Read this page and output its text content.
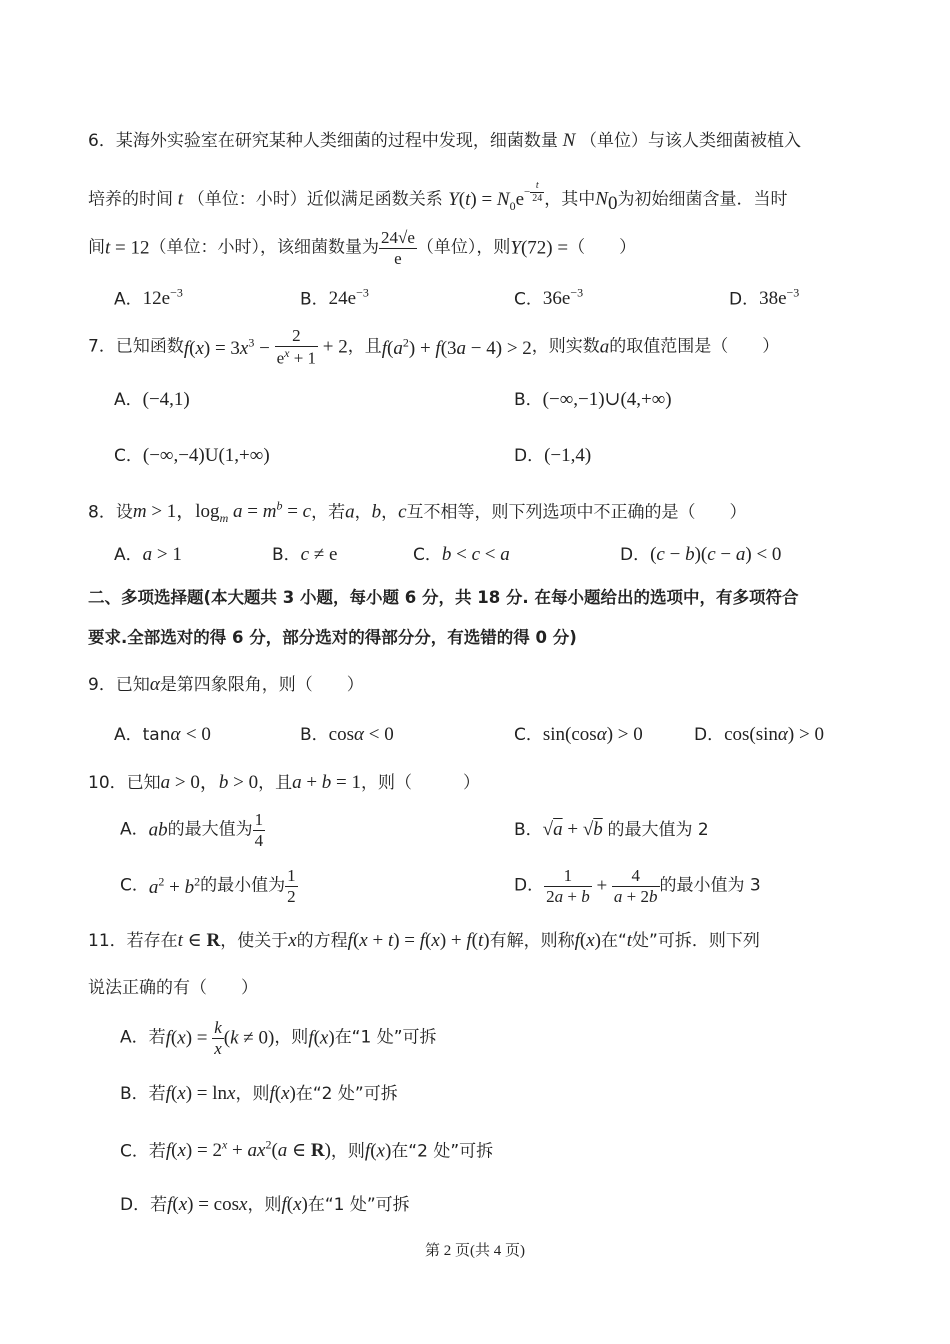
6．某海外实验室在研究某种人类细菌的过程中发现，细菌数量 N （单位）与该人类细菌被植入
培养的时间 t （单位：小时）近似满足函数关系 $Y(t) = N_0e^{- \frac{t}{24}}$ ，其中$N_0$为初始细菌含量．当时
间t = 12（单位：小时），该细菌数量为 $\frac{24√e}{e}$ （单位），则Y(72) =（　　）
A．$12e^{-3}$	B．$24e^{-3}$	C．$36e^{-3}$	D．$38e^{-3}$
7．已知函数$f(x) = 3x^3 - \frac{2}{e^x + 1} + 2$，且$f(a^2) + f(3a - 4) > 2$，则实数a的取值范围是（　　）
A．(−4,1)	B．(−∞,−1)∪(4,+∞)
C．(−∞,−4)U(1,+∞)	D．(−1,4)
8．设m > 1，$\log_m a = m^b = c$，若a，b，c互不相等，则下列选项中不正确的是（　　）
A．a > 1	B．c ≠ e	C．b < c < a	D．(c − b)(c − a) < 0
二、多项选择题(本大题共 3 小题，每小题 6 分，共 18 分. 在每小题给出的选项中，有多项符合
要求.全部选对的得 6 分，部分选对的得部分分，有选错的得 0 分)
9．已知α是第四象限角，则（　　）
A．tanα < 0	B．cosα < 0	C．sin(cosα) > 0	D．cos(sinα) > 0
10．已知a > 0，b > 0，且a + b = 1，则（　　　）
A．ab的最大值为 $\frac{1}{4}$	B．√a + √b 的最大值为 2
C．$a^2 + b^2$的最小值为 $\frac{1}{2}$	D． $\frac{1}{2a + b} + \frac{4}{a + 2b}$ 的最小值为 3
11．若存在t ∈ R，使关于x的方程f(x + t) = f(x) + f(t)有解，则称f(x)在“t处”可拆．则下列
说法正确的有（　　）
A．若$f(x) = \frac{k}{x} (k \ne 0)$，则f(x)在“1 处”可拆
B．若f(x) = lnx，则f(x)在“2 处”可拆
C．若$f(x) = 2^x + ax^2(a$ ∈ R)，则f(x)在“2 处”可拆
D．若f(x) = cosx，则f(x)在“1 处”可拆
第 2 页(共 4 页)
